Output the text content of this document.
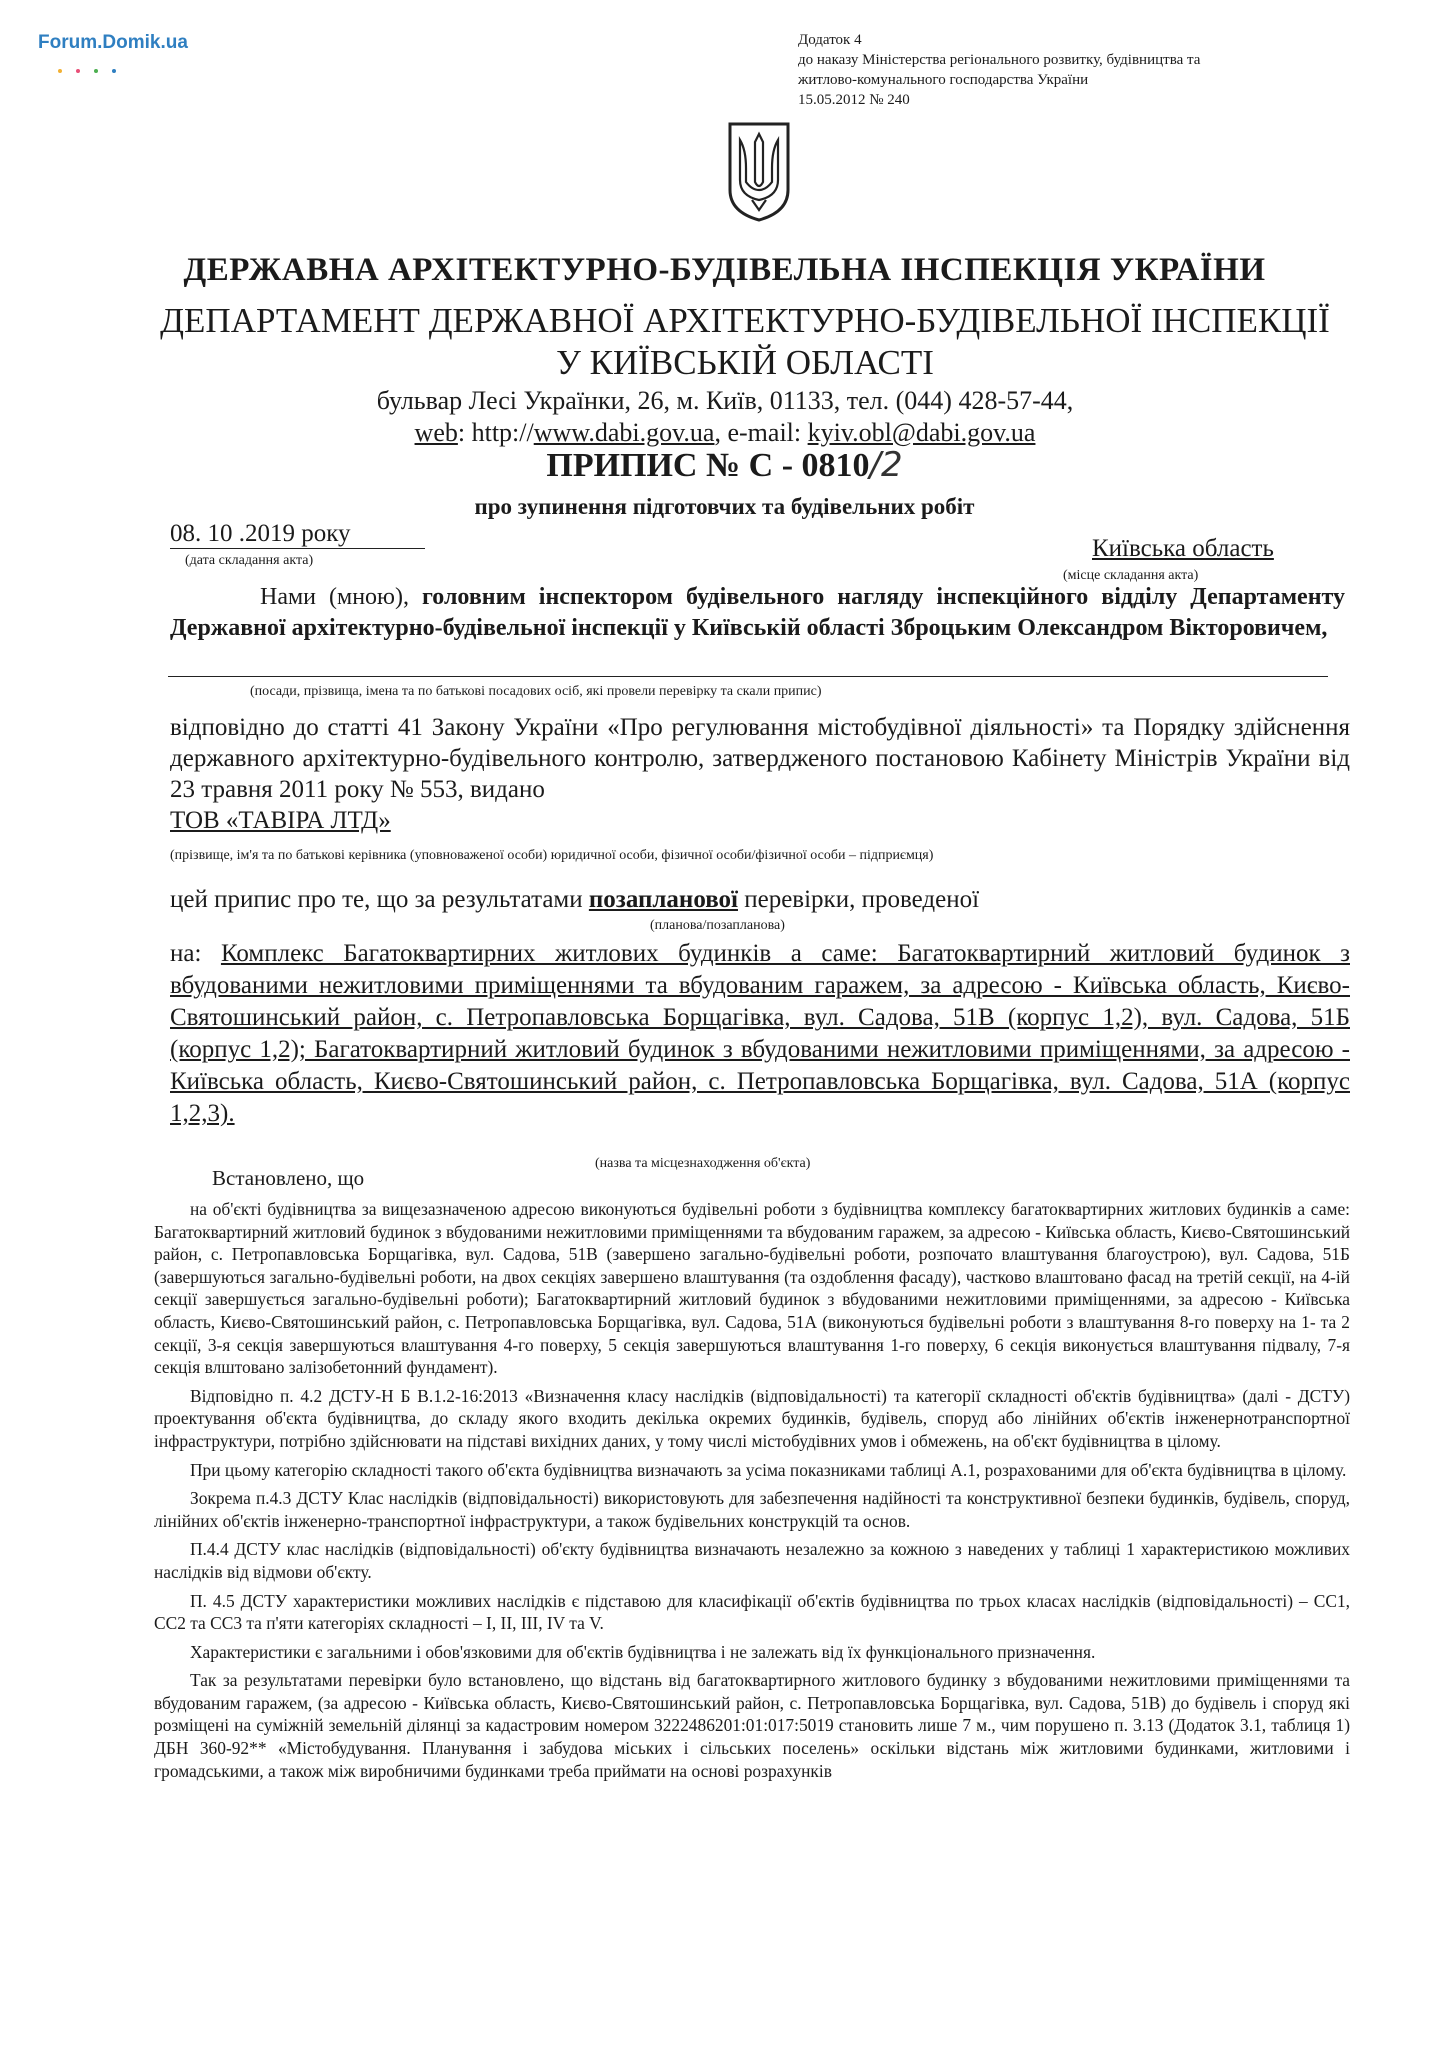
Forum.Domik.ua	Додаток 4
до наказу Міністерства регіонального розвитку, будівництва та
житлово-комунального господарства України
15.05.2012 № 240
ДЕРЖАВНА АРХІТЕКТУРНО-БУДІВЕЛЬНА ІНСПЕКЦІЯ УКРАЇНИ
ДЕПАРТАМЕНТ ДЕРЖАВНОЇ АРХІТЕКТУРНО-БУДІВЕЛЬНОЇ ІНСПЕКЦІЇ
У КИЇВСЬКІЙ ОБЛАСТІ
бульвар Лесі Українки, 26, м. Київ, 01133, тел. (044) 428-57-44,
web: http://www.dabi.gov.ua, e-mail: kyiv.obl@dabi.gov.ua
ПРИПИС № С - 0810/2
про зупинення підготовчих та будівельних робіт
08. 10 .2019 року
(дата складання акта)	Київська область
(місце складання акта)
Нами (мною), головним інспектором будівельного нагляду інспекційного відділу Департаменту Державної архітектурно-будівельної інспекції у Київській області Зброцьким Олександром Вікторовичем,
(посади, прізвища, імена та по батькові посадових осіб, які провели перевірку та скали припис)
відповідно до статті 41 Закону України «Про регулювання містобудівної діяльності» та Порядку здійснення державного архітектурно-будівельного контролю, затвердженого постановою Кабінету Міністрів України від 23 травня 2011 року № 553, видано
ТОВ «ТАВІРА ЛТД»
(прізвище, ім'я та по батькові керівника (уповноваженої особи) юридичної особи, фізичної особи/фізичної особи – підприємця)
цей припис про те, що за результатами позапланової перевірки, проведеної
(планова/позапланова)
на: Комплекс Багатоквартирних житлових будинків а саме: Багатоквартирний житловий будинок з вбудованими нежитловими приміщеннями та вбудованим гаражем, за адресою - Київська область, Києво-Святошинський район, с. Петропавловська Борщагівка, вул. Садова, 51В (корпус 1,2), вул. Садова, 51Б (корпус 1,2); Багатоквартирний житловий будинок з вбудованими нежитловими приміщеннями, за адресою - Київська область, Києво-Святошинський район, с. Петропавловська Борщагівка, вул. Садова, 51А (корпус 1,2,3).
(назва та місцезнаходження об'єкта)
Встановлено, що

на об'єкті будівництва за вищезазначеною адресою виконуються будівельні роботи з будівництва комплексу багатоквартирних житлових будинків а саме: Багатоквартирний житловий будинок з вбудованими нежитловими приміщеннями та вбудованим гаражем, за адресою - Київська область, Києво-Святошинський район, с. Петропавловська Борщагівка, вул. Садова, 51В (завершено загально-будівельні роботи, розпочато влаштування благоустрою), вул. Садова, 51Б (завершуються загально-будівельні роботи, на двох секціях завершено влаштування (та оздоблення фасаду), частково влаштовано фасад на третій секції, на 4-ій секції завершується загально-будівельні роботи); Багатоквартирний житловий будинок з вбудованими нежитловими приміщеннями, за адресою - Київська область, Києво-Святошинський район, с. Петропавловська Борщагівка, вул. Садова, 51А (виконуються будівельні роботи з влаштування 8-го поверху на 1- та 2 секції, 3-я секція завершуються влаштування 4-го поверху, 5 секція завершуються влаштування 1-го поверху, 6 секція виконується влаштування підвалу, 7-я секція влштовано залізобетонний фундамент).

Відповідно п. 4.2 ДСТУ-Н Б В.1.2-16:2013 «Визначення класу наслідків (відповідальності) та категорії складності об'єктів будівництва» (далі - ДСТУ) проектування об'єкта будівництва, до складу якого входить декілька окремих будинків, будівель, споруд або лінійних об'єктів інженернотранспортної інфраструктури, потрібно здійснювати на підставі вихідних даних, у тому числі містобудівних умов і обмежень, на об'єкт будівництва в цілому.

При цьому категорію складності такого об'єкта будівництва визначають за усіма показниками таблиці А.1, розрахованими для об'єкта будівництва в цілому.

Зокрема п.4.3 ДСТУ Клас наслідків (відповідальності) використовують для забезпечення надійності та конструктивної безпеки будинків, будівель, споруд, лінійних об'єктів інженерно-транспортної інфраструктури, а також будівельних конструкцій та основ.

П.4.4 ДСТУ клас наслідків (відповідальності) об'єкту будівництва визначають незалежно за кожною з наведених у таблиці 1 характеристикою можливих наслідків від відмови об'єкту.

П. 4.5 ДСТУ характеристики можливих наслідків є підставою для класифікації об'єктів будівництва по трьох класах наслідків (відповідальності) – СС1, СС2 та СС3 та п'яти категоріях складності – І, ІІ, ІІІ, IV та V.

Характеристики є загальними і обов'язковими для об'єктів будівництва і не залежать від їх функціонального призначення.

Так за результатами перевірки було встановлено, що відстань від багатоквартирного житлового будинку з вбудованими нежитловими приміщеннями та вбудованим гаражем, (за адресою - Київська область, Києво-Святошинський район, с. Петропавловська Борщагівка, вул. Садова, 51В) до будівель і споруд які розміщені на суміжній земельній ділянці за кадастровим номером 3222486201:01:017:5019 становить лише 7 м., чим порушено п. 3.13 (Додаток 3.1, таблиця 1) ДБН 360-92** «Містобудування. Планування і забудова міських і сільських поселень» оскільки відстань між житловими будинками, житловими і громадськими, а також між виробничими будинками треба приймати на основі розрахунків
